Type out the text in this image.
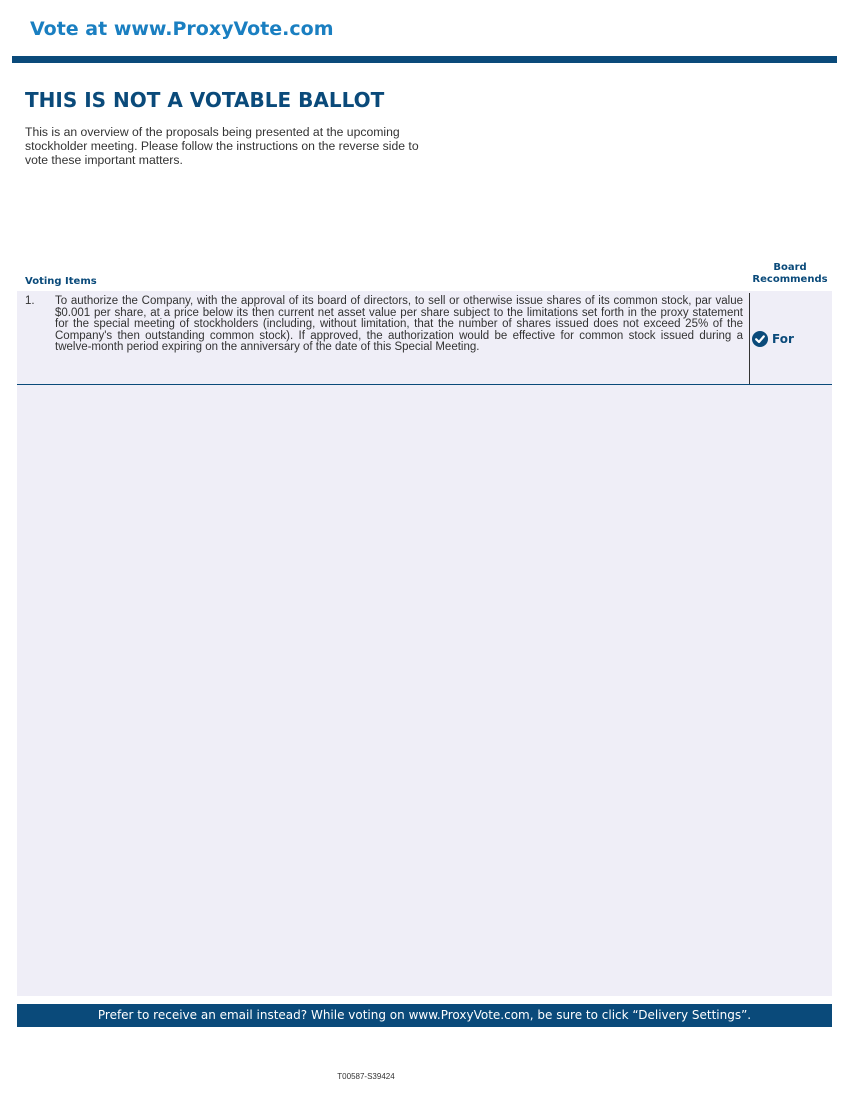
Vote at www.ProxyVote.com
THIS IS NOT A VOTABLE BALLOT

This is an overview of the proposals being presented at the upcoming stockholder meeting. Please follow the instructions on the reverse side to vote these important matters.

Voting Items
Board
Recommends
1. To authorize the Company, with the approval of its board of directors, to sell or otherwise issue shares of its common stock, par value $0.001 per share, at a price below its then current net asset value per share subject to the limitations set forth in the proxy statement for the special meeting of stockholders (including, without limitation, that the number of shares issued does not exceed 25% of the Company's then outstanding common stock). If approved, the authorization would be effective for common stock issued during a twelve-month period expiring on the anniversary of the date of this Special Meeting.

For
Prefer to receive an email instead? While voting on www.ProxyVote.com, be sure to click “Delivery Settings”.
T00587-S39424
